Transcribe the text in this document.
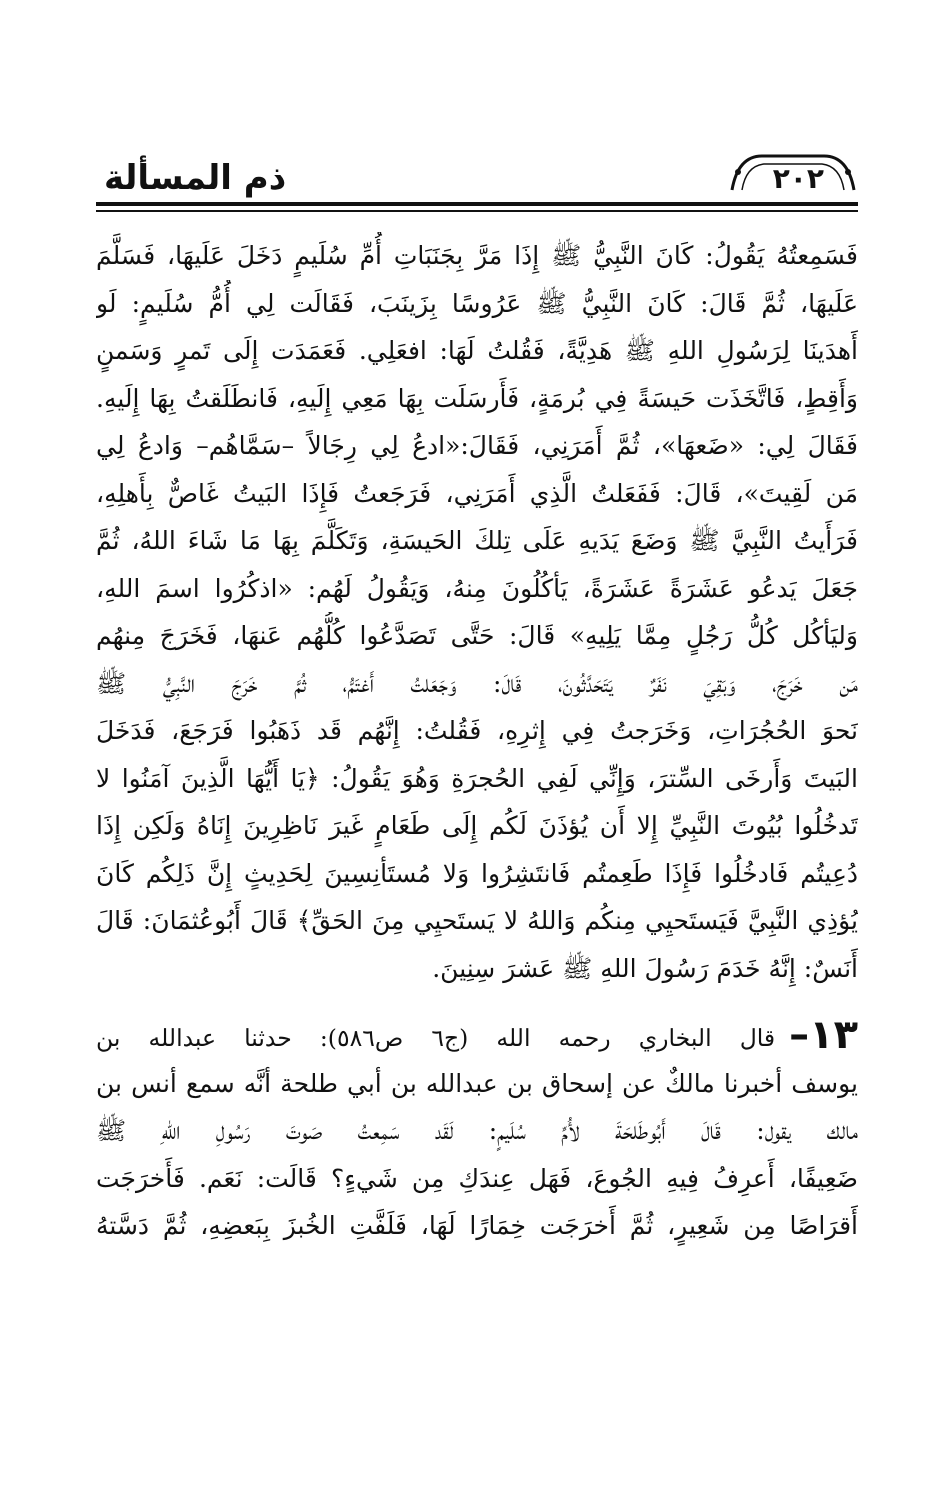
ذم المسألة	٢٠٢
فَسَمِعتُهُ يَقُولُ: كَانَ النَّبِيُّ ﷺ إِذَا مَرَّ بِجَنَبَاتِ أُمِّ سُلَيمٍ دَخَلَ عَلَيهَا، فَسَلَّمَ
عَلَيهَا، ثُمَّ قَالَ: كَانَ النَّبِيُّ ﷺ عَرُوسًا بِزَينَبَ، فَقَالَت لِي أُمُّ سُلَيمٍ: لَو
أَهدَينَا لِرَسُولِ اللهِ ﷺ هَدِيَّةً، فَقُلتُ لَهَا: افعَلِي. فَعَمَدَت إِلَى تَمرٍ وَسَمنٍ
وَأَقِطٍ، فَاتَّخَذَت حَيسَةً فِي بُرمَةٍ، فَأَرسَلَت بِهَا مَعِي إِلَيهِ، فَانطَلَقتُ بِهَا إِلَيهِ.
فَقَالَ لِي: «ضَعهَا»، ثُمَّ أَمَرَنِي، فَقَالَ:«ادعُ لِي رِجَالاً –سَمَّاهُم– وَادعُ لِي
مَن لَقِيتَ»، قَالَ: فَفَعَلتُ الَّذِي أَمَرَنِي، فَرَجَعتُ فَإِذَا البَيتُ غَاصٌّ بِأَهلِهِ،
فَرَأَيتُ النَّبِيَّ ﷺ وَضَعَ يَدَيهِ عَلَى تِلكَ الحَيسَةِ، وَتَكَلَّمَ بِهَا مَا شَاءَ اللهُ، ثُمَّ
جَعَلَ يَدعُو عَشَرَةً عَشَرَةً، يَأكُلُونَ مِنهُ، وَيَقُولُ لَهُم: «اذكُرُوا اسمَ اللهِ،
وَليَأكُل كُلُّ رَجُلٍ مِمَّا يَلِيهِ» قَالَ: حَتَّى تَصَدَّعُوا كُلُّهُم عَنهَا، فَخَرَجَ مِنهُم
مَن خَرَجَ، وَبَقِيَ نَفَرٌ يَتَحَدَّثُونَ، قَالَ: وَجَعَلتُ أَغتَمُّ، ثُمَّ خَرَجَ النَّبِيُّ ﷺ
نَحوَ الحُجُرَاتِ، وَخَرَجتُ فِي إِثرِهِ، فَقُلتُ: إِنَّهُم قَد ذَهَبُوا فَرَجَعَ، فَدَخَلَ
البَيتَ وَأَرخَى السِّترَ، وَإِنِّي لَفِي الحُجرَةِ وَهُوَ يَقُولُ: ﴿يَا أَيُّهَا الَّذِينَ آمَنُوا لا
تَدخُلُوا بُيُوتَ النَّبِيِّ إِلا أَن يُؤذَنَ لَكُم إِلَى طَعَامٍ غَيرَ نَاظِرِينَ إِنَاهُ وَلَكِن إِذَا
دُعِيتُم فَادخُلُوا فَإِذَا طَعِمتُم فَانتَشِرُوا وَلا مُستَأنِسِينَ لِحَدِيثٍ إِنَّ ذَلِكُم كَانَ
يُؤذِي النَّبِيَّ فَيَستَحيِي مِنكُم وَاللهُ لا يَستَحيِي مِنَ الحَقِّ﴾ قَالَ أَبُوعُثمَانَ: قَالَ
أَنَسٌ: إِنَّهُ خَدَمَ رَسُولَ اللهِ ﷺ عَشرَ سِنِينَ.
١٣–قال البخاري رحمه الله (ج٦ ص٥٨٦): حدثنا عبدالله بن
يوسف أخبرنا مالكٌ عن إسحاق بن عبدالله بن أبي طلحة أنَّه سمع أنس بن
مالك يقول: قَالَ أَبُوطَلحَةَ لأُمِّ سُلَيمٍ: لَقَد سَمِعتُ صَوتَ رَسُولِ اللهِ ﷺ
ضَعِيفًا، أَعرِفُ فِيهِ الجُوعَ، فَهَل عِندَكِ مِن شَيءٍ؟ قَالَت: نَعَم. فَأَخرَجَت
أَقرَاصًا مِن شَعِيرٍ، ثُمَّ أَخرَجَت خِمَارًا لَهَا، فَلَفَّتِ الخُبزَ بِبَعضِهِ، ثُمَّ دَسَّتهُ
